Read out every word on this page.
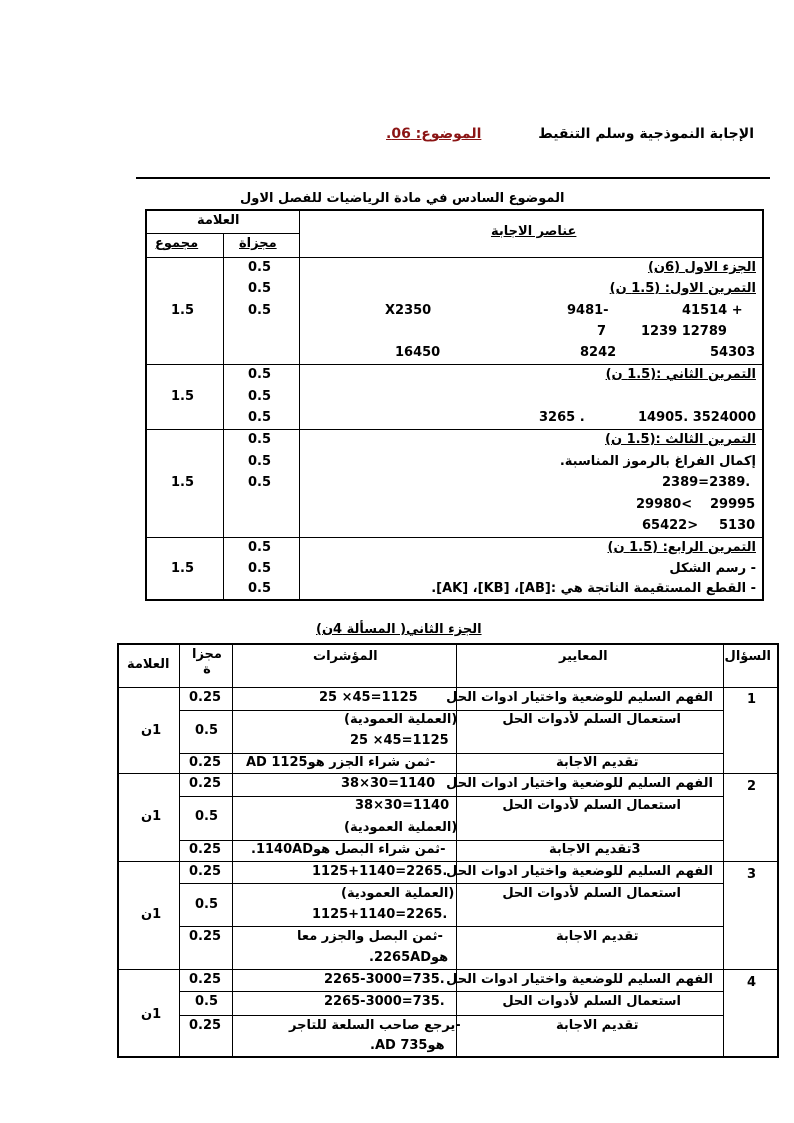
الإجابة النموذجية وسلم التنقيط
الموضوع: 06.
الموضوع السادس في مادة الرياضيات للفصل الاول
العلامة
مجزاة
مجموع
عناصر الاجابة
الجزء الاول (6ن)
التمرين الاول: (1.5 ن)
41514 +
9481-
X2350
1239 12789
7
54303
8242
16450
0.5
0.5
0.5
1.5
التمرين الثاني :(1.5 ن)
14905. 3524000
3265 .
0.5
0.5
0.5
1.5
التمرين الثالث :(1.5 ن)
إكمال الفراغ بالرموز المناسبة.
2389=2389.
29995
29980<
5130
65422>
0.5
0.5
0.5
1.5
التمرين الرابع: (1.5 ن)
- رسم الشكل
- القطع المستقيمة الناتجة هي :[AB]، [KB]، [AK].
0.5
0.5
0.5
1.5
الجزء الثاني( المسألة 4ن)
السؤال
المعايير
المؤشرات
مجزا ة
العلامة
1
الفهم السليم للوضعية واختيار ادوات الحل
استعمال السلم لأدوات الحل
تقديم الاجابة
25 ×45=1125
(العملية العمودية)
25 ×45=1125
-ثمن شراء الجزر هو1125 AD
0.25
0.5
0.25
1ن
2
الفهم السليم للوضعية واختيار ادوات الحل
استعمال السلم لأدوات الحل
3تقديم الاجابة
38×30=1140
38×30=1140
(العملية العمودية)
-ثمن شراء البصل هو1140AD.
0.25
0.5
0.25
1ن
3
الفهم السليم للوضعية واختيار ادوات الحل
استعمال السلم لأدوات الحل
تقديم الاجابة
1125+1140=2265.
(العملية العمودية)
1125+1140=2265.
-ثمن البصل والجزر معا
هو2265AD.
0.25
0.5
0.25
1ن
4
الفهم السليم للوضعية واختيار ادوات الحل
استعمال السلم لأدوات الحل
تقديم الاجابة
2265-3000=735.
2265-3000=735.
-يرجع صاحب السلعة للتاجر
هو735 AD.
0.25
0.5
0.25
1ن
